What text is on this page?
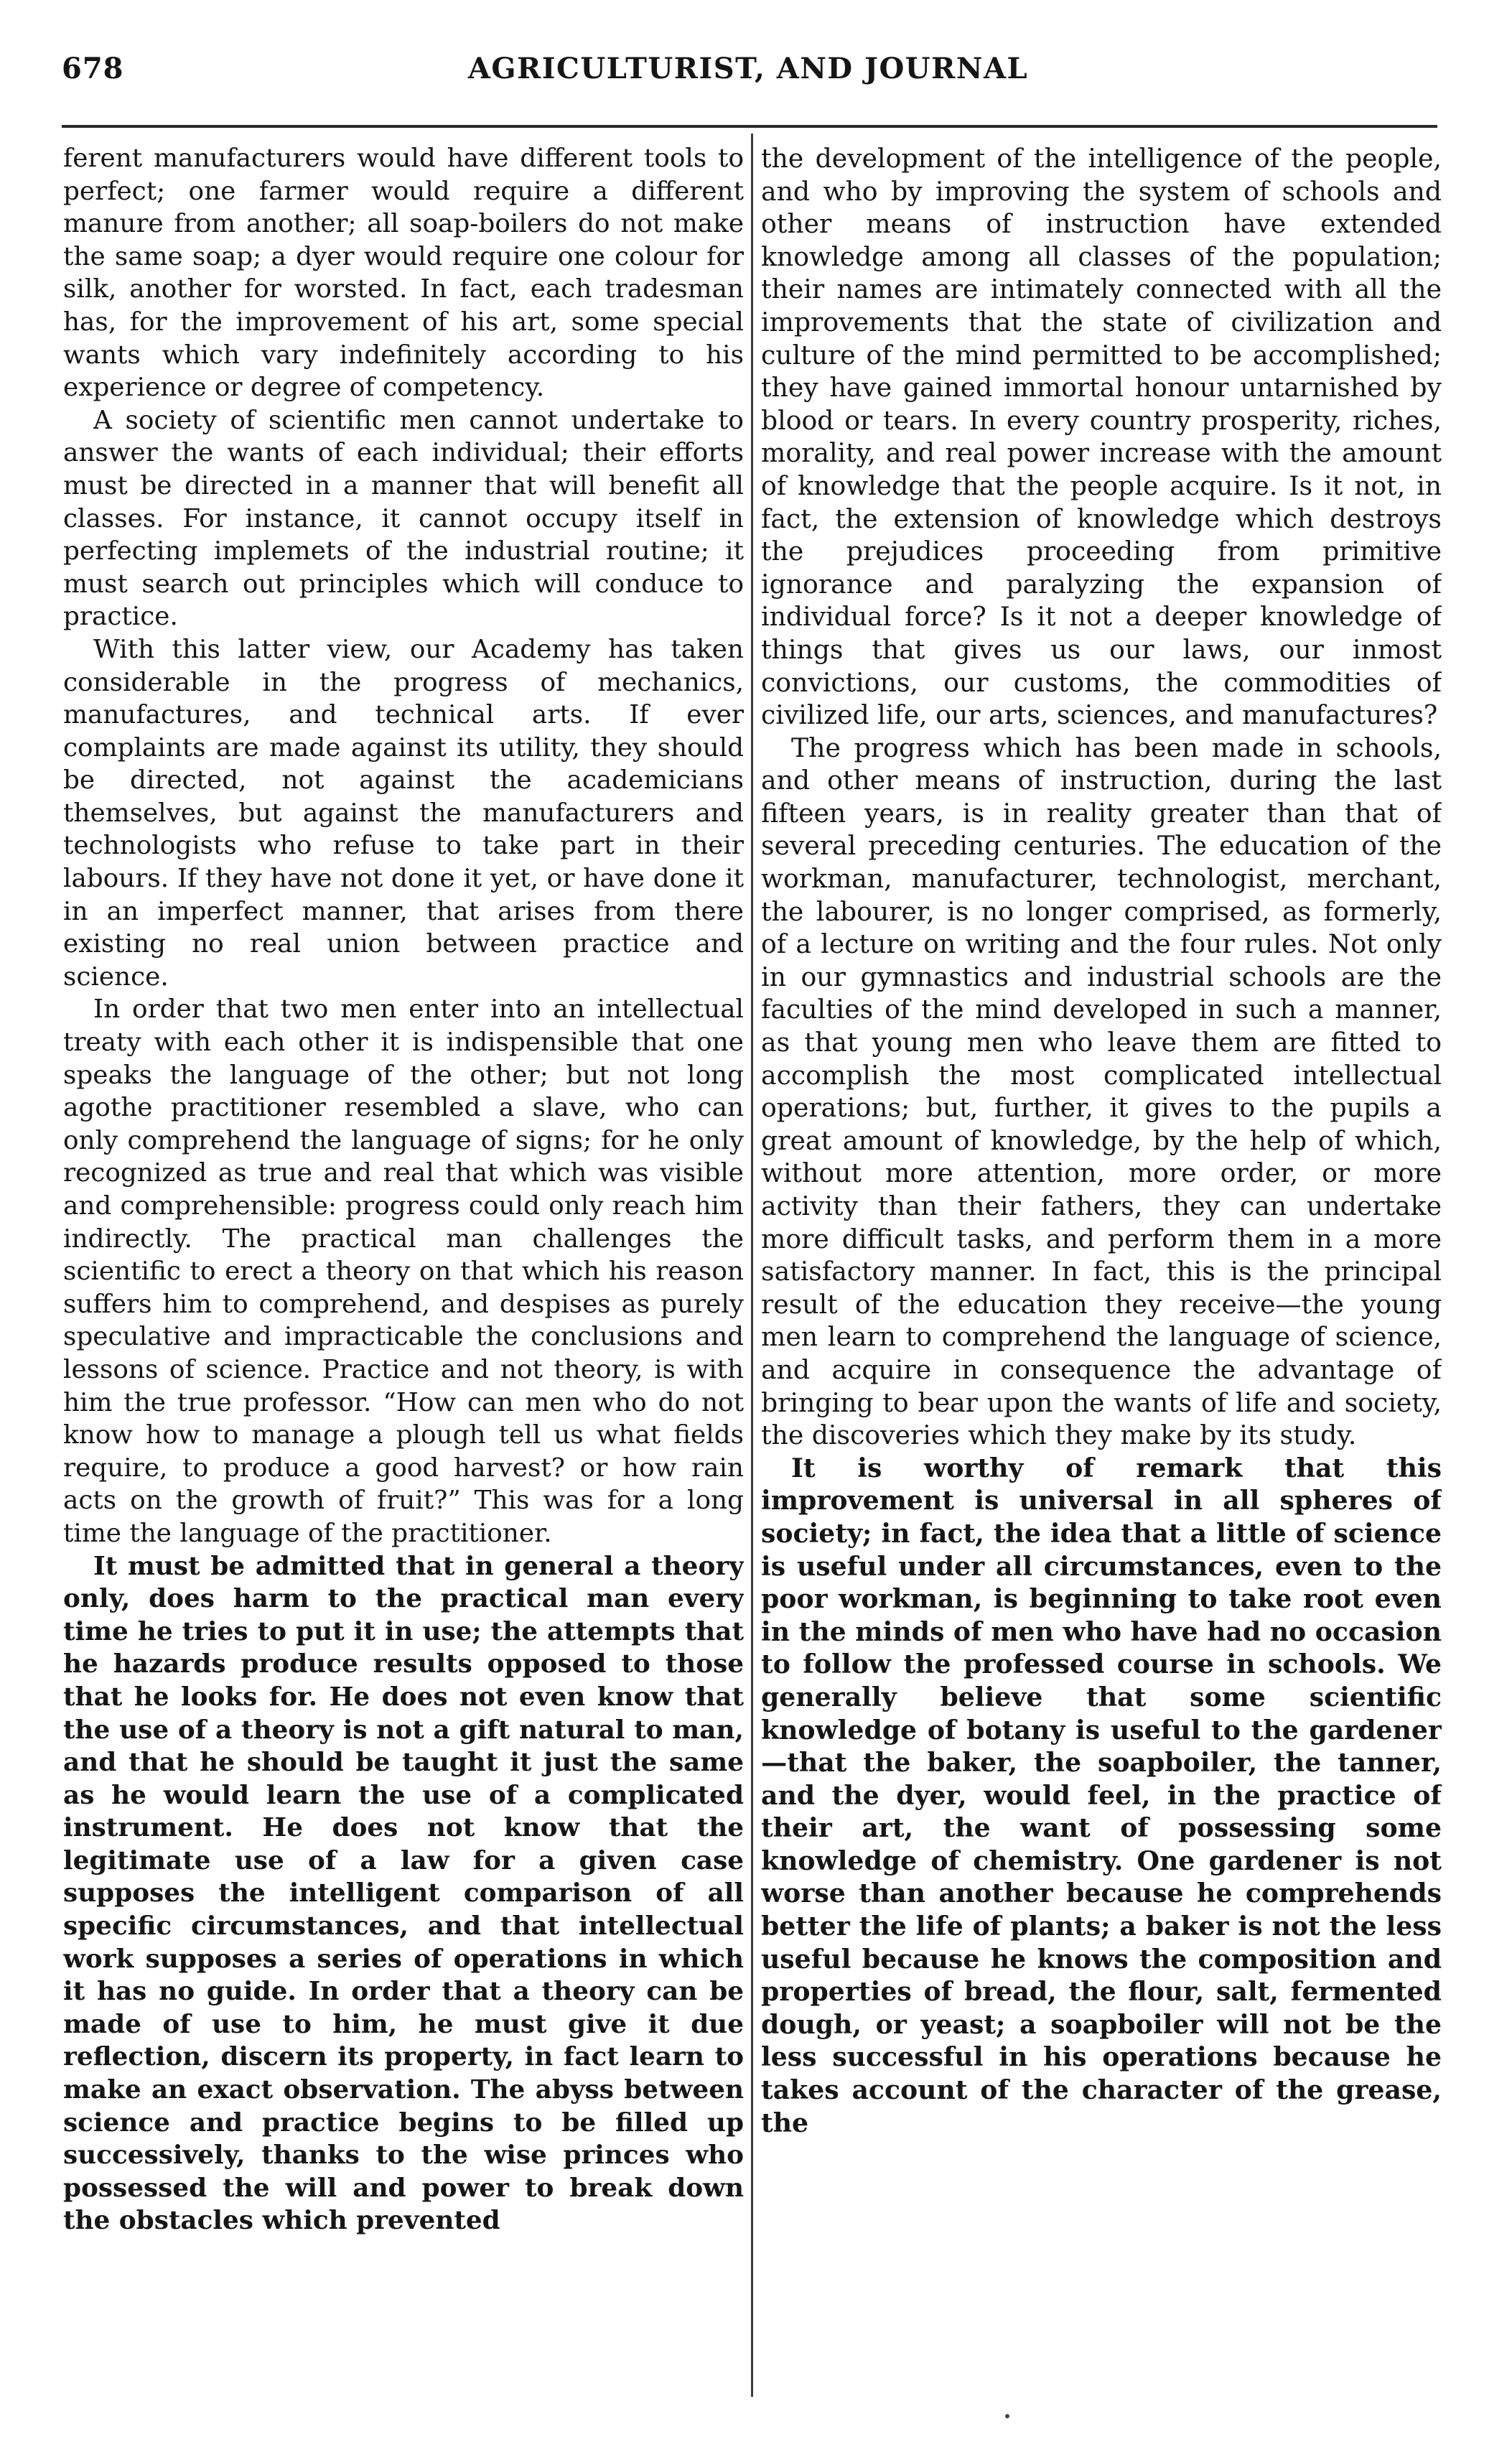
678	AGRICULTURIST, AND JOURNAL

ferent manufacturers would have different tools to perfect; one farmer would require a different manure from another; all soap-boilers do not make the same soap; a dyer would require one colour for silk, another for worsted. In fact, each tradesman has, for the improvement of his art, some special wants which vary indefinitely according to his experience or degree of competency.

A society of scientific men cannot undertake to answer the wants of each individual; their efforts must be directed in a manner that will benefit all classes. For instance, it cannot occupy itself in perfecting implemets of the industrial routine; it must search out principles which will conduce to practice.

With this latter view, our Academy has taken considerable in the progress of mechanics, manufactures, and technical arts. If ever complaints are made against its utility, they should be directed, not against the academicians themselves, but against the manufacturers and technologists who refuse to take part in their labours. If they have not done it yet, or have done it in an imperfect manner, that arises from there existing no real union between practice and science.

In order that two men enter into an intellectual treaty with each other it is indispensible that one speaks the language of the other; but not long agothe practitioner resembled a slave, who can only comprehend the language of signs; for he only recognized as true and real that which was visible and comprehensible: progress could only reach him indirectly. The practical man challenges the scientific to erect a theory on that which his reason suffers him to comprehend, and despises as purely speculative and impracticable the conclusions and lessons of science. Practice and not theory, is with him the true professor. “How can men who do not know how to manage a plough tell us what fields require, to produce a good harvest? or how rain acts on the growth of fruit?” This was for a long time the language of the practitioner.

It must be admitted that in general a theory only, does harm to the practical man every time he tries to put it in use; the attempts that he hazards produce results opposed to those that he looks for. He does not even know that the use of a theory is not a gift natural to man, and that he should be taught it just the same as he would learn the use of a complicated instrument. He does not know that the legitimate use of a law for a given case supposes the intelligent comparison of all specific circumstances, and that intellectual work supposes a series of operations in which it has no guide. In order that a theory can be made of use to him, he must give it due reflection, discern its property, in fact learn to make an exact observation. The abyss between science and practice begins to be filled up successively, thanks to the wise princes who possessed the will and power to break down the obstacles which prevented

the development of the intelligence of the people, and who by improving the system of schools and other means of instruction have extended knowledge among all classes of the population; their names are intimately connected with all the improvements that the state of civilization and culture of the mind permitted to be accomplished; they have gained immortal honour untarnished by blood or tears. In every country prosperity, riches, morality, and real power increase with the amount of knowledge that the people acquire. Is it not, in fact, the extension of knowledge which destroys the prejudices proceeding from primitive ignorance and paralyzing the expansion of individual force? Is it not a deeper knowledge of things that gives us our laws, our inmost convictions, our customs, the commodities of civilized life, our arts, sciences, and manufactures?

The progress which has been made in schools, and other means of instruction, during the last fifteen years, is in reality greater than that of several preceding centuries. The education of the workman, manufacturer, technologist, merchant, the labourer, is no longer comprised, as formerly, of a lecture on writing and the four rules. Not only in our gymnastics and industrial schools are the faculties of the mind developed in such a manner, as that young men who leave them are fitted to accomplish the most complicated intellectual operations; but, further, it gives to the pupils a great amount of knowledge, by the help of which, without more attention, more order, or more activity than their fathers, they can undertake more difficult tasks, and perform them in a more satisfactory manner. In fact, this is the principal result of the education they receive—the young men learn to comprehend the language of science, and acquire in consequence the advantage of bringing to bear upon the wants of life and society, the discoveries which they make by its study.

It is worthy of remark that this improvement is universal in all spheres of society; in fact, the idea that a little of science is useful under all circumstances, even to the poor workman, is beginning to take root even in the minds of men who have had no occasion to follow the professed course in schools. We generally believe that some scientific knowledge of botany is useful to the gardener—that the baker, the soapboiler, the tanner, and the dyer, would feel, in the practice of their art, the want of possessing some knowledge of chemistry. One gardener is not worse than another because he comprehends better the life of plants; a baker is not the less useful because he knows the composition and properties of bread, the flour, salt, fermented dough, or yeast; a soapboiler will not be the less successful in his operations because he takes account of the character of the grease, the
